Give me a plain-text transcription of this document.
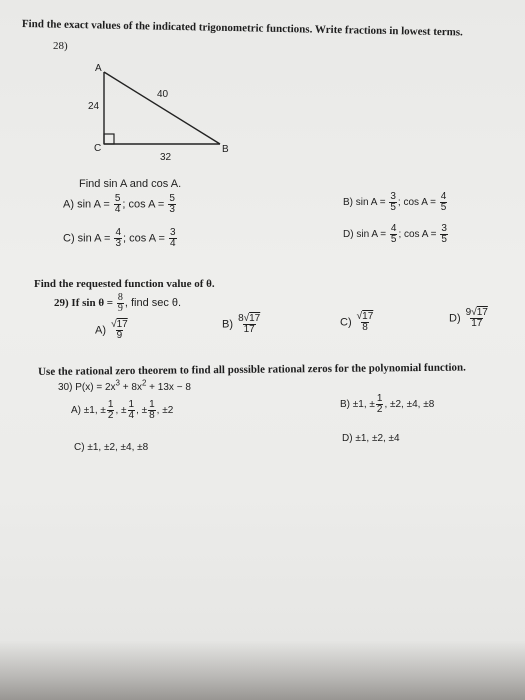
Find the exact values of the indicated trigonometric functions. Write fractions in lowest terms.
28)
A
B
C
24
40
32
Find sin A and cos A.
A) $\sin A = \frac{5}{4}$ ; $\cos A = \frac{5}{3}$	B) $\sin A = \frac{3}{5}$ ; $\cos A = \frac{4}{5}$
C) $\sin A = \frac{4}{3}$ ; $\cos A = \frac{3}{4}$	D) $\sin A = \frac{4}{5}$ ; $\cos A = \frac{3}{5}$
Find the requested function value of θ.
29) If $\sin \theta = \frac{8}{9}$ , find sec θ.
$A) \frac{√17}{9}$	$B) \frac{8√17}{17}$	$C) \frac{√17}{8}$	$D) \frac{9√17}{17}$
Use the rational zero theorem to find all possible rational zeros for the polynomial function.
30) $P(x) = 2x^3 + 8x^2 + 13x - 8$
A) ±1, ± $\frac{1}{2}$ , ± $\frac{1}{4}$ , ± $\frac{1}{8}$ , ±2
B) ±1, ± $\frac{1}{2}$ , ±2, ±4, ±8
C) ±1, ±2, ±4, ±8
D) ±1, ±2, ±4
